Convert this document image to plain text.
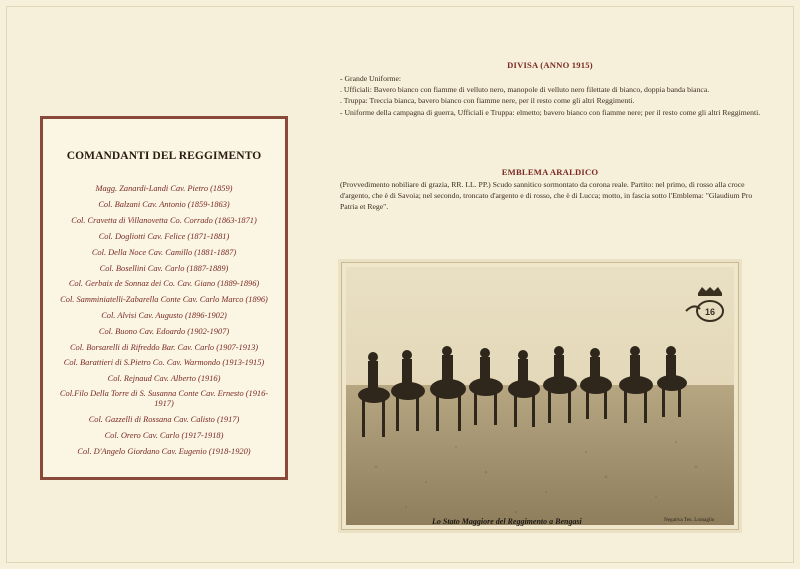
COMANDANTI DEL REGGIMENTO
Magg. Zanardi-Landi Cav. Pietro (1859)
Col. Balzani Cav. Antonio (1859-1863)
Col. Cravetta di Villanovetta Co. Corrado (1863-1871)
Col. Dogliotti Cav. Felice (1871-1881)
Col. Della Noce Cav. Camillo (1881-1887)
Col. Bosellini Cav. Carlo (1887-1889)
Col. Gerbaix de Sonnaz dei Co. Cav. Giano (1889-1896)
Col. Samminiatelli-Zabarella Conte Cav. Carlo Marco (1896)
Col. Alvisi Cav. Augusto (1896-1902)
Col. Buono Cav. Edoardo (1902-1907)
Col. Borsarelli di Rifreddo Bar. Cav. Carlo (1907-1913)
Col. Barattieri di S.Pietro Co. Cav. Warmondo (1913-1915)
Col. Rejnaud Cav. Alberto (1916)
Col.Filo Della Torre di S. Susanna Conte Cav. Ernesto (1916-1917)
Col. Gazzelli di Rossana Cav. Calisto (1917)
Col. Orero Cav. Carlo (1917-1918)
Col. D'Angelo Giordano Cav. Eugenio (1918-1920)
DIVISA (ANNO 1915)
- Grande Uniforme:
. Ufficiali: Bavero bianco con fiamme di velluto nero, manopole di velluto nero filettate di bianco, doppia banda bianca.
. Truppa: Treccia bianca, bavero bianco con fiamme nere, per il resto come gli altri Reggimenti.
- Uniforme della campagna di guerra, Ufficiali e Truppa: elmetto; bavero bianco con fiamme nere; per il resto come gli altri Reggimenti.
EMBLEMA ARALDICO
(Provvedimento nobiliare di grazia, RR. LL. PP.) Scudo sannitico sormontato da corona reale. Partito: nel primo, di rosso alla croce d'argento, che è di Savoia; nel secondo, troncato d'argento e di rosso, che è di Lucca; motto, in fascia sotto l'Emblema: "Glaudium Pro Patria et Rege".
16
Lo Stato Maggiore del Reggimento a Bengasi	Negativa Ten. Lomaglio
